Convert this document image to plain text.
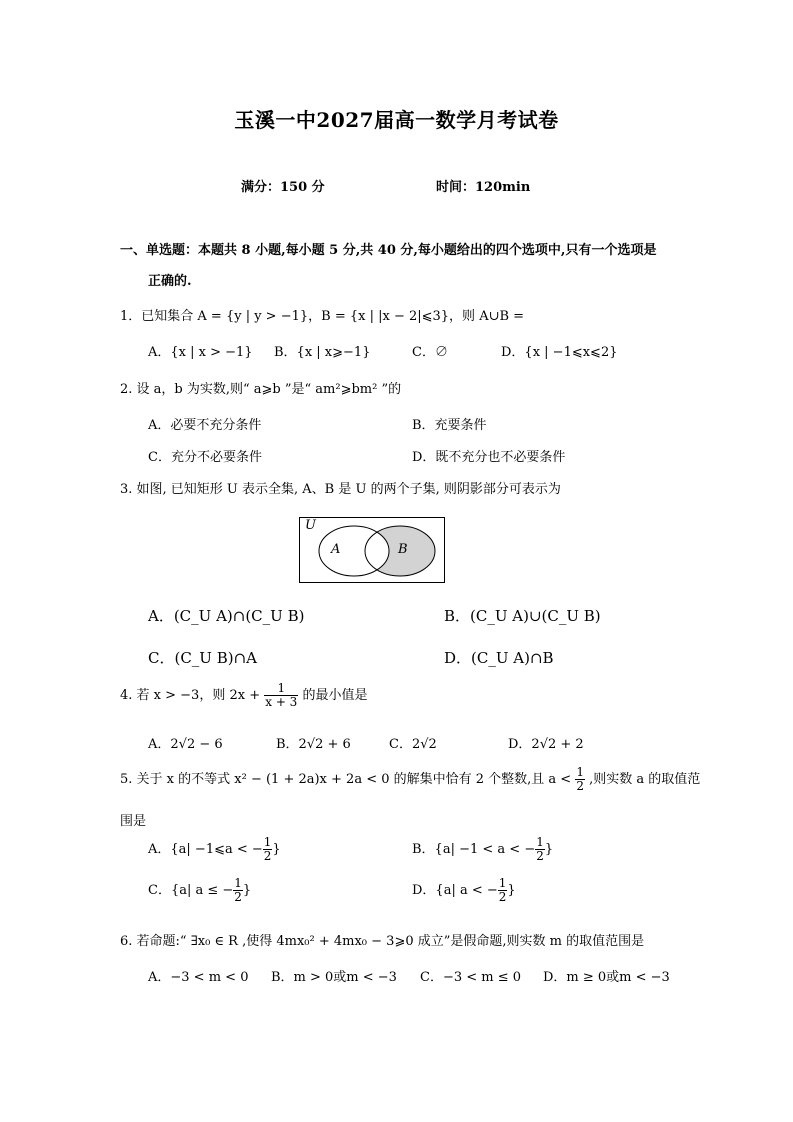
玉溪一中2027届高一数学月考试卷
满分：150 分	时间：120min
一、单选题：本题共 8 小题,每小题 5 分,共 40 分,每小题给出的四个选项中,只有一个选项是
正确的.
1．已知集合 A = {y | y > −1}，B = {x | |x − 2|⩽3}，则 A∪B =
A．{x | x > −1} B．{x | x⩾−1}	C．∅	D．{x | −1⩽x⩽2}
2. 设 a，b 为实数,则“ a⩾b ”是“ am²⩾bm² ”的
A．必要不充分条件	B．充要条件
C．充分不必要条件	D．既不充分也不必要条件
3. 如图, 已知矩形 U 表示全集, A、B 是 U 的两个子集, 则阴影部分可表示为
U
A	B
A．(C_U A)∩(C_U B)	B．(C_U A)∪(C_U B)
C．(C_U B)∩A	D．(C_U A)∩B
4. 若 x > −3，则 $2x + \frac{1}{x + 3}$ 的最小值是
A．2√2 − 6	B．2√2 + 6	C．2√2	D．2√2 + 2
5. 关于 x 的不等式 x² − (1 + 2a)x + 2a < 0 的解集中恰有 2 个整数,且 $a < \frac{1}{2}$ ,则实数 a 的取值范
围是
A．{a| −1⩽a < − $\frac{1}{2}$ }	B．{a| −1 < a < − $\frac{1}{2}$ }
C．{a| a ≤ − $\frac{1}{2}$ }	D．{a| a < − $\frac{1}{2}$ }
6. 若命题:“ ∃x₀ ∈ R ,使得 4mx₀² + 4mx₀ − 3⩾0 成立”是假命题,则实数 m 的取值范围是
A．−3 < m < 0 B．m > 0或m < −3 C．−3 < m ≤ 0 D．m ≥ 0或m < −3
